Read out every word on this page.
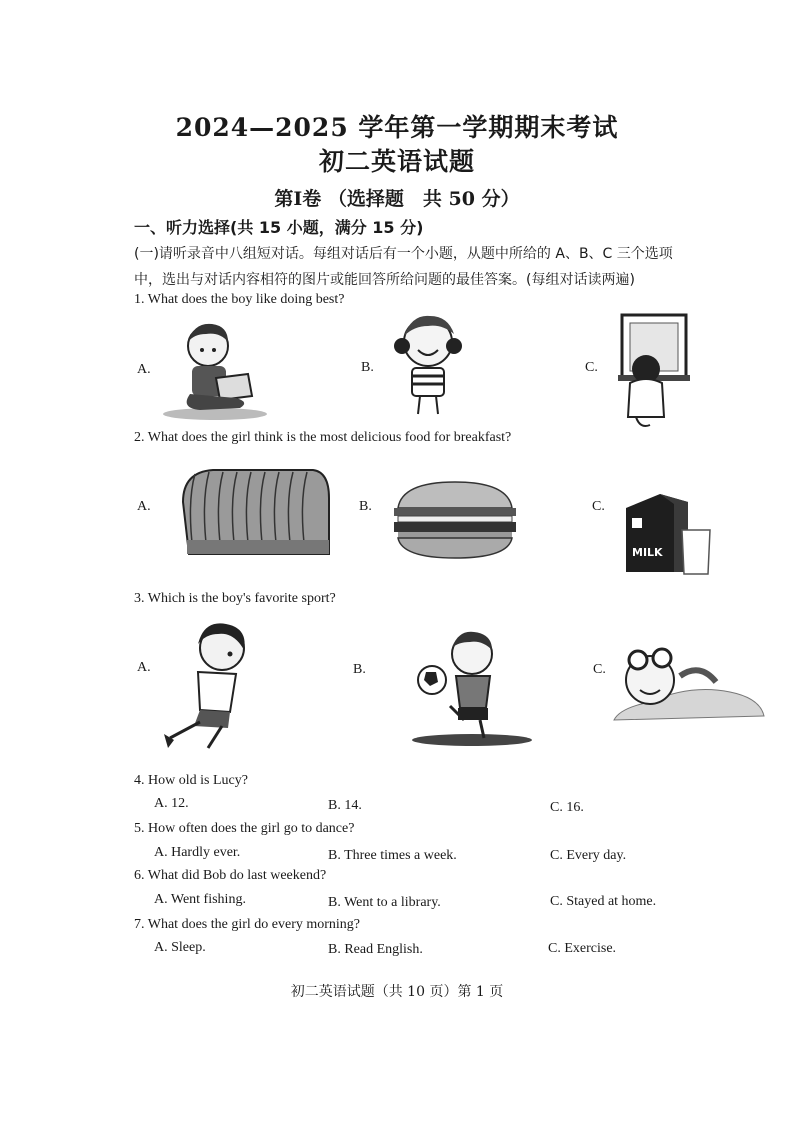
2024—2025 学年第一学期期末考试
初二英语试题
第Ⅰ卷 （选择题　共 50 分）
一、听力选择(共 15 小题，满分 15 分)
(一)请听录音中八组短对话。每组对话后有一个小题，从题中所给的 A、B、C 三个选项中，选出与对话内容相符的图片或能回答所给问题的最佳答案。(每组对话读两遍)
1. What does the boy like doing best?
A.	B.	C.
2. What does the girl think is the most delicious food for breakfast?
A.	B.	C.
MILK
3. Which is the boy's favorite sport?
A.	B.	C.
4. How old is Lucy?
A. 12.	B. 14.	C. 16.
5. How often does the girl go to dance?
A. Hardly ever.	B. Three times a week.	C. Every day.
6. What did Bob do last weekend?
A. Went fishing.	B. Went to a library.	C. Stayed at home.
7. What does the girl do every morning?
A. Sleep.	B. Read English.	C. Exercise.
初二英语试题（共 10 页）第 1 页
